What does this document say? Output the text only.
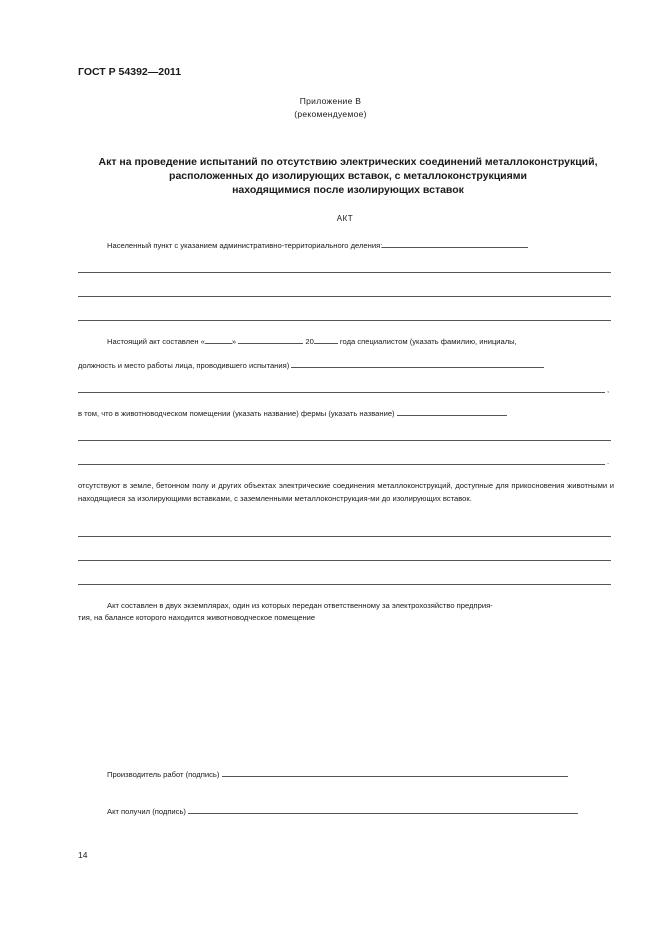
ГОСТ Р 54392—2011
Приложение В
(рекомендуемое)
Акт на проведение испытаний по отсутствию электрических соединений металлоконструкций,
расположенных до изолирующих вставок, с металлоконструкциями
находящимися после изолирующих вставок
АКТ
Населенный пункт с указанием административно-территориального деления:
Настоящий акт составлен «	»	20	года специалистом (указать фамилию, инициалы,
должность и место работы лица, проводившего испытания)
,
в том, что в животноводческом помещении (указать название) фермы (указать название)
.
отсутствуют в земле, бетонном полу и других объектах электрические соединения металлоконструкций, доступные для прикосновения животными и находящиеся за изолирующими вставками, с заземленными металлоконструкция-ми до изолирующих вставок.
Акт составлен в двух экземплярах, один из которых передан ответственному за электрохозяйство предприя-
тия, на балансе которого находится животноводческое помещение
Производитель работ (подпись)
Акт получил (подпись)
14
